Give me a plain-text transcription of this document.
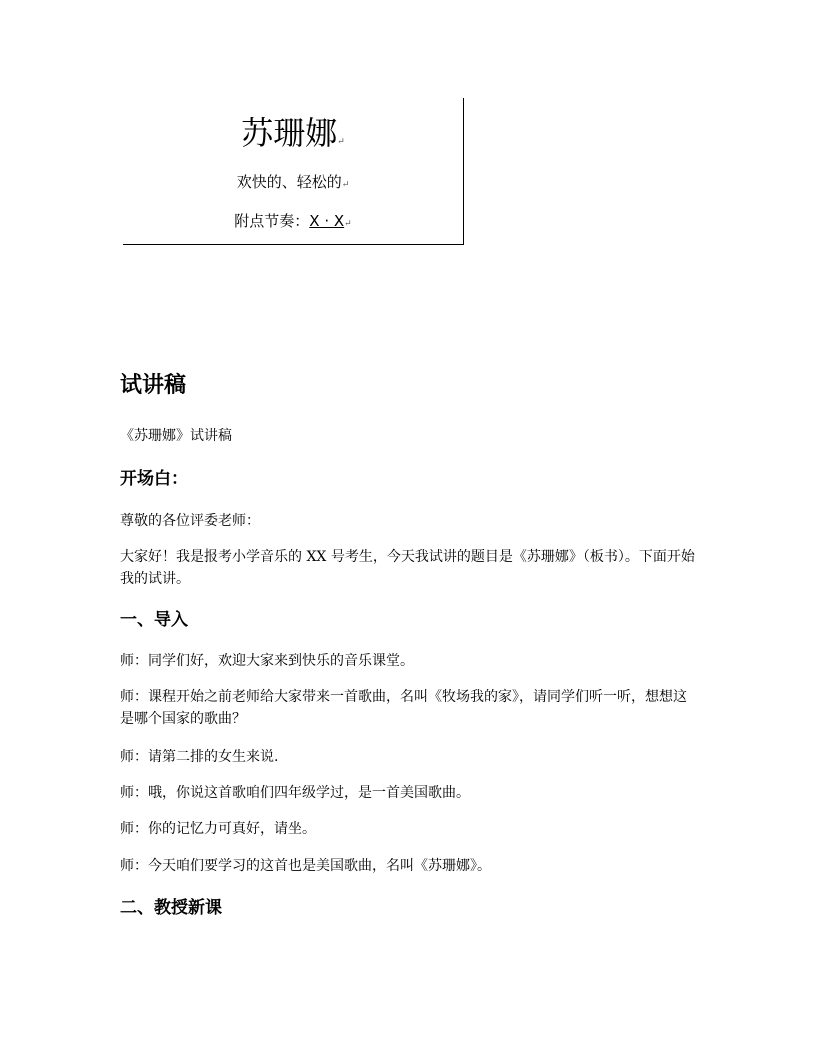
苏珊娜↵
欢快的、轻松的↵
附点节奏：X · X↵
试讲稿
《苏珊娜》试讲稿
开场白：
尊敬的各位评委老师：
大家好！我是报考小学音乐的 XX 号考生，今天我试讲的题目是《苏珊娜》（板书）。下面开始我的试讲。
一、导入
师：同学们好，欢迎大家来到快乐的音乐课堂。
师：课程开始之前老师给大家带来一首歌曲，名叫《牧场我的家》，请同学们听一听，想想这是哪个国家的歌曲？
师：请第二排的女生来说.
师：哦，你说这首歌咱们四年级学过，是一首美国歌曲。
师：你的记忆力可真好，请坐。
师：今天咱们要学习的这首也是美国歌曲，名叫《苏珊娜》。
二、教授新课
